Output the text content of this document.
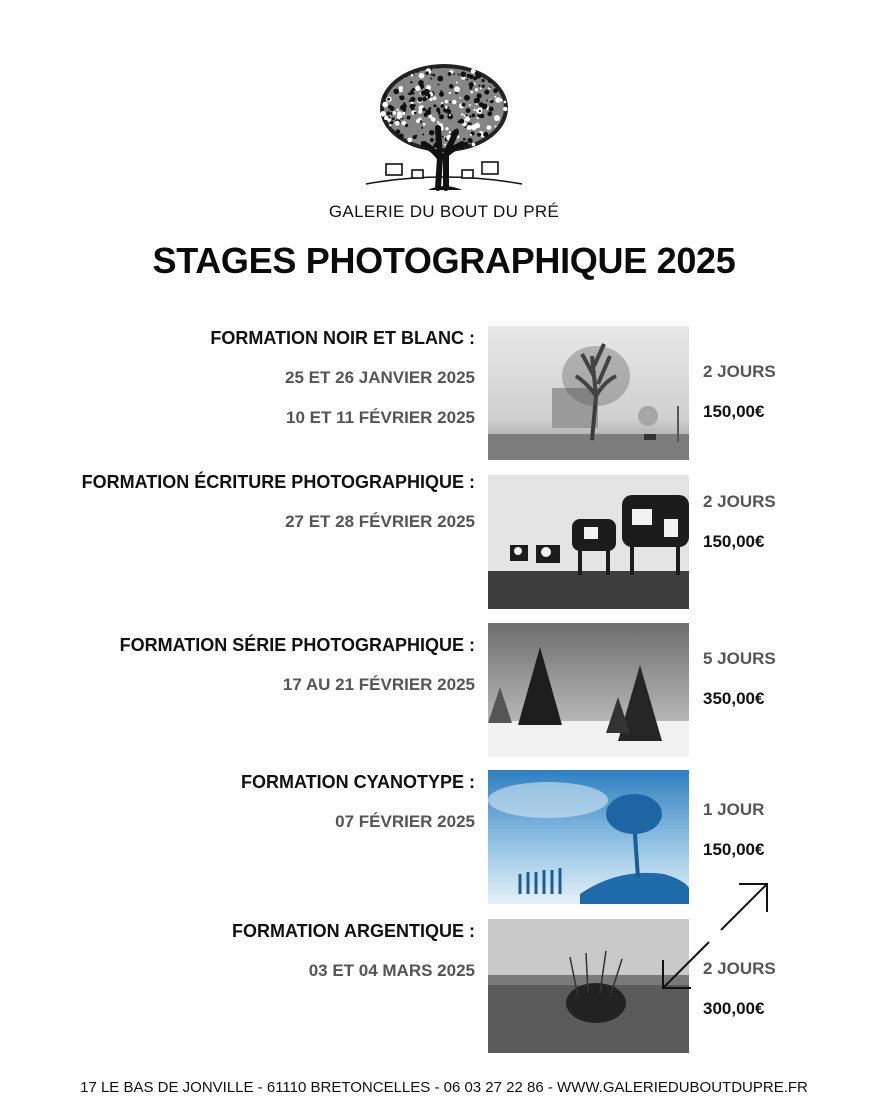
GALERIE DU BOUT DU PRÉ
STAGES PHOTOGRAPHIQUE 2025
FORMATION NOIR ET BLANC :
25 ET 26 JANVIER 2025
10 ET 11 FÉVRIER 2025
2 JOURS
150,00€
FORMATION ÉCRITURE PHOTOGRAPHIQUE :
27 ET 28 FÉVRIER 2025
2 JOURS
150,00€
FORMATION SÉRIE PHOTOGRAPHIQUE :
17 AU 21 FÉVRIER 2025
5 JOURS
350,00€
FORMATION CYANOTYPE :
07 FÉVRIER 2025
1 JOUR
150,00€
FORMATION ARGENTIQUE :
03 ET 04 MARS 2025	2 JOURS
300,00€
17 LE BAS DE JONVILLE - 61110 BRETONCELLES - 06 03 27 22 86 - WWW.GALERIEDUBOUTDUPRE.FR
